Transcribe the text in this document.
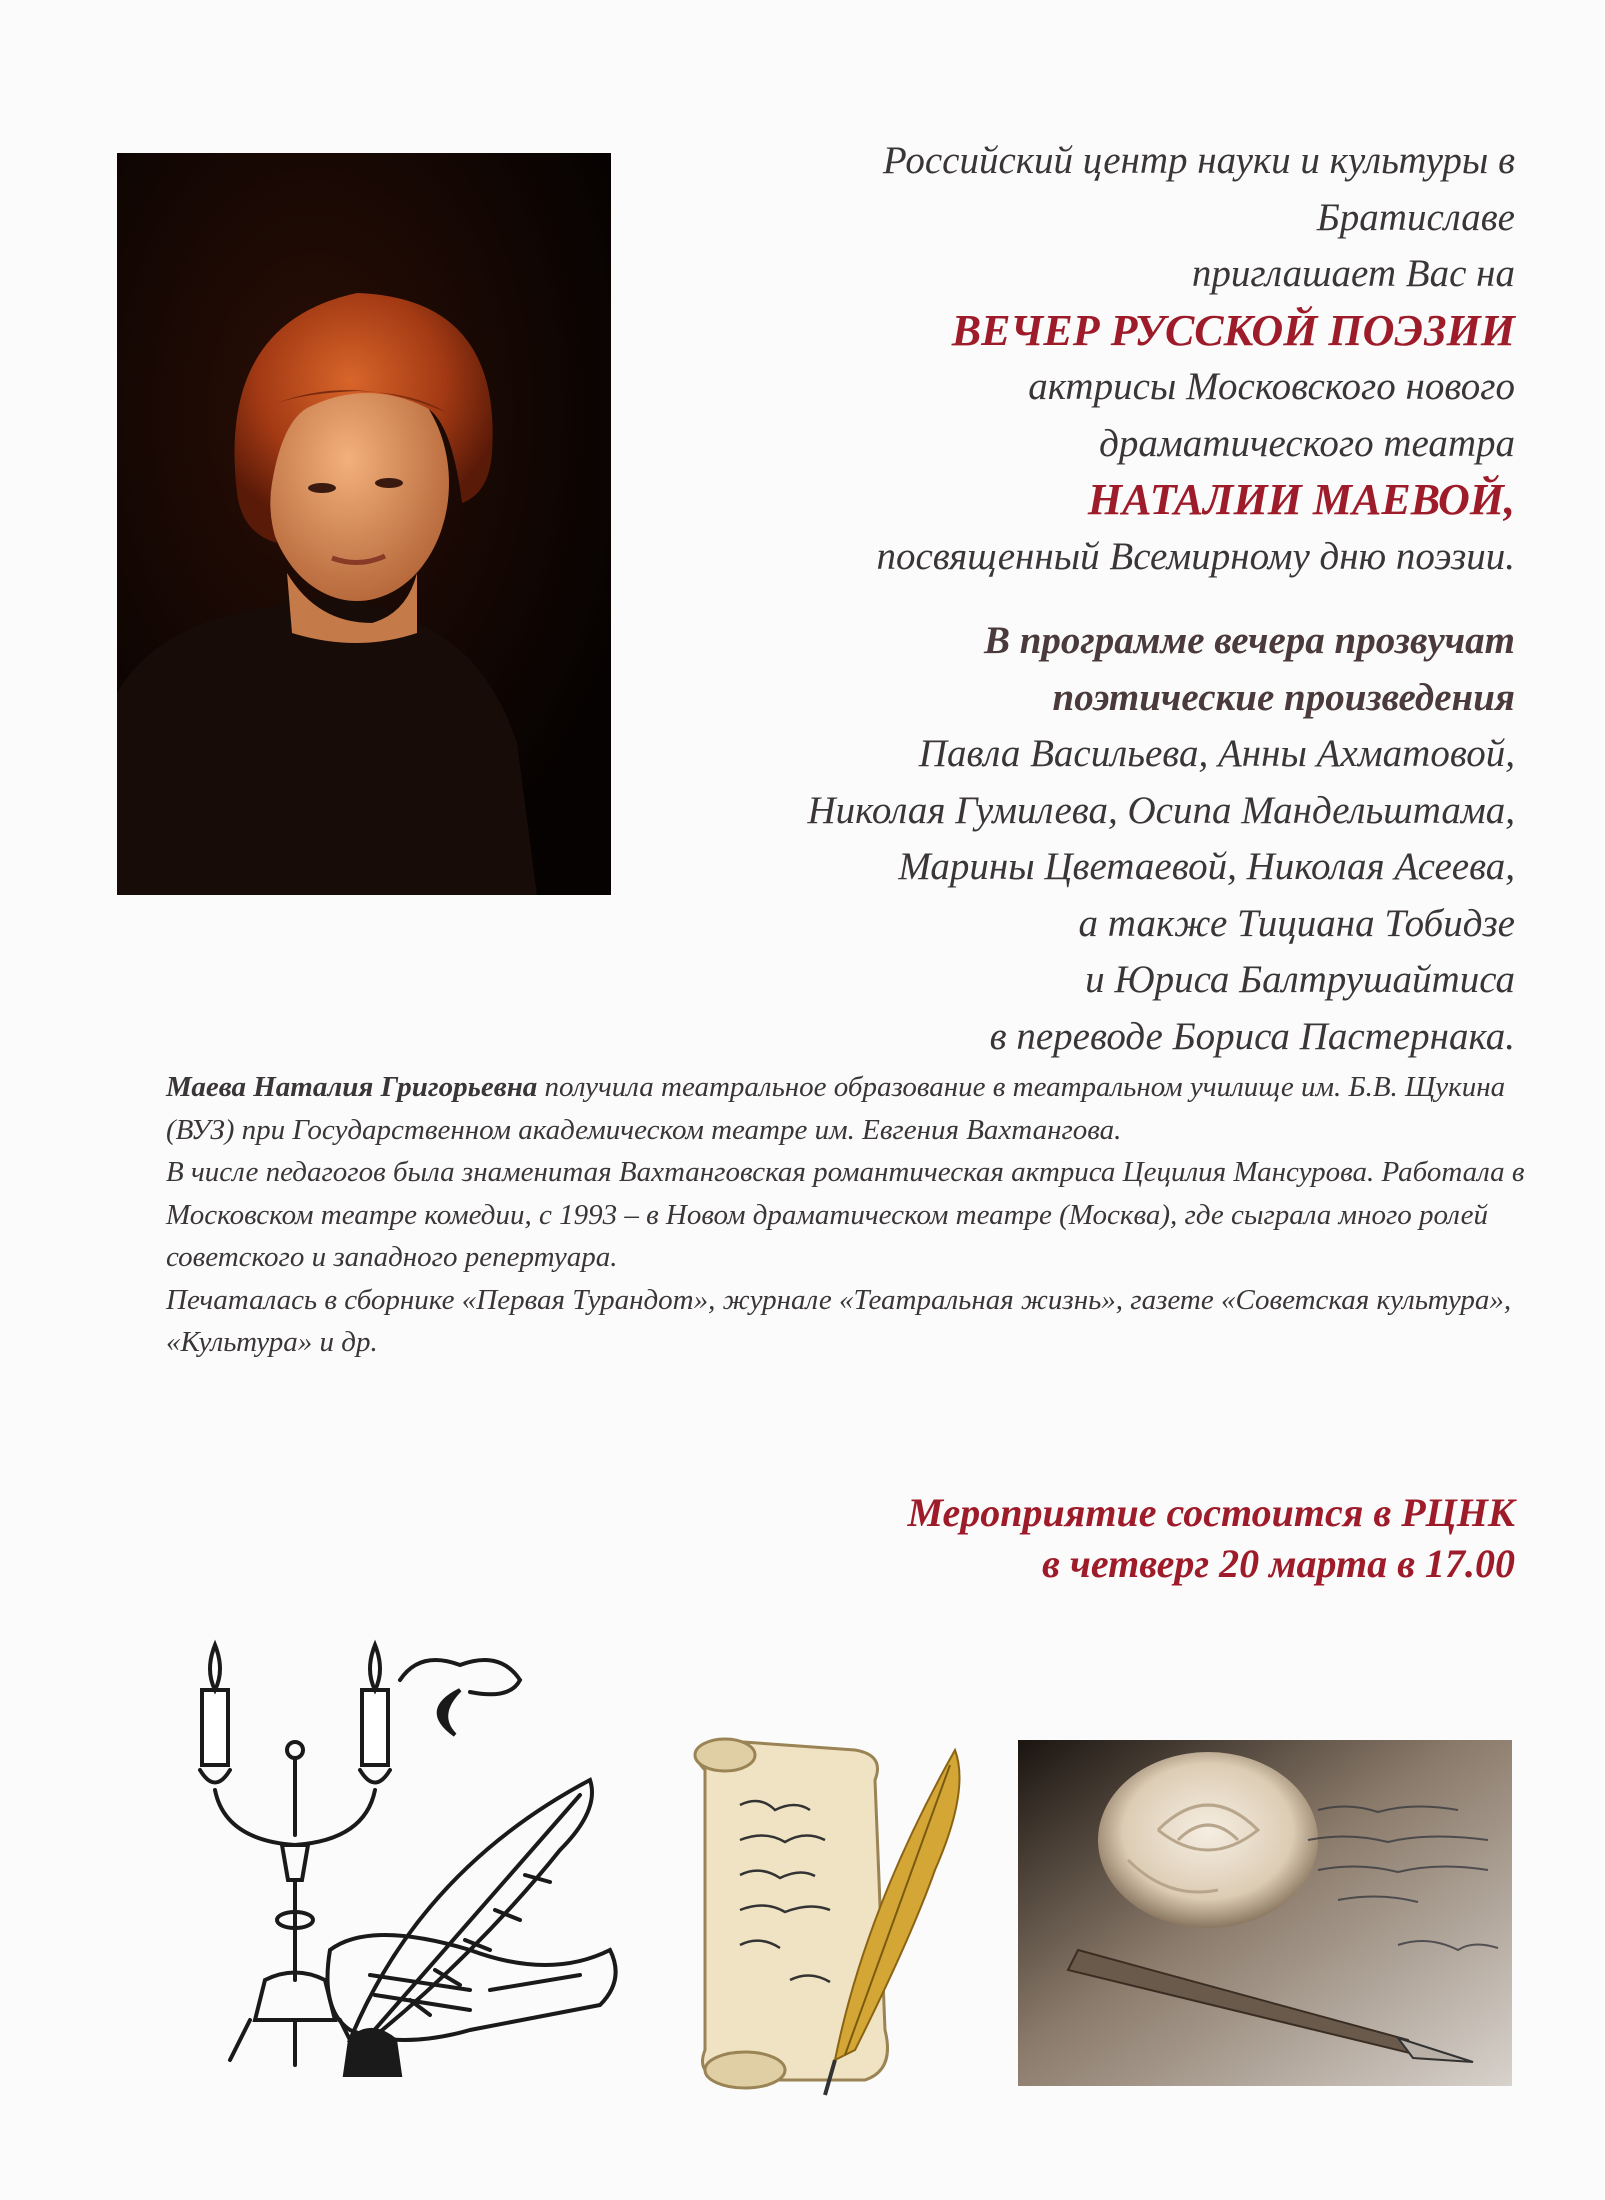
Российский центр науки и культуры в
Братиславе
приглашает Вас на
ВЕЧЕР РУССКОЙ ПОЭЗИИ
актрисы Московского нового
драматического театра
НАТАЛИИ МАЕВОЙ,
посвященный Всемирному дню поэзии.
В программе вечера прозвучат
поэтические произведения
Павла Васильева, Анны Ахматовой,
Николая Гумилева, Осипа Мандельштама,
Марины Цветаевой, Николая Асеева,
а также Тициана Тобидзе
и Юриса Балтрушайтиса
в переводе Бориса Пастернака.

Маева Наталия Григорьевна получила театральное образование в театральном училище им. Б.В. Щукина (ВУЗ) при Государственном академическом театре им. Евгения Вахтангова.

В числе педагогов была знаменитая Вахтанговская романтическая актриса Цецилия Мансурова. Работала в Московском театре комедии, с 1993 – в Новом драматическом театре (Москва), где сыграла много ролей советского и западного репертуара.

Печаталась в сборнике «Первая Турандот», журнале «Театральная жизнь», газете «Советская культура», «Культура» и др.

Мероприятие состоится в РЦНК
в четверг 20 марта в 17.00
